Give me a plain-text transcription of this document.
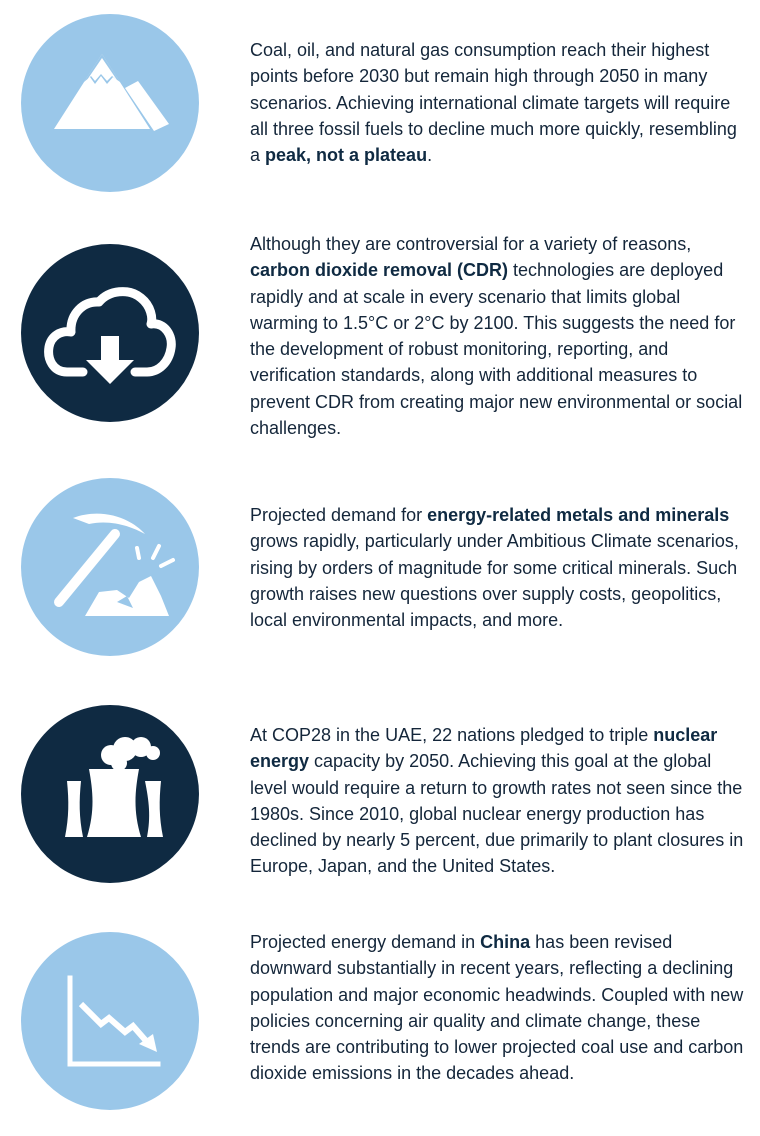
Coal, oil, and natural gas consumption reach their highest points before 2030 but remain high through 2050 in many scenarios. Achieving international climate targets will require all three fossil fuels to decline much more quickly, resembling a peak, not a plateau.

Although they are controversial for a variety of reasons, carbon dioxide removal (CDR) technologies are deployed rapidly and at scale in every scenario that limits global warming to 1.5°C or 2°C by 2100. This suggests the need for the development of robust monitoring, reporting, and verification standards, along with additional measures to prevent CDR from creating major new environmental or social challenges.

Projected demand for energy-related metals and minerals grows rapidly, particularly under Ambitious Climate scenarios, rising by orders of magnitude for some critical minerals. Such growth raises new questions over supply costs, geopolitics, local environmental impacts, and more.

At COP28 in the UAE, 22 nations pledged to triple nuclear energy capacity by 2050. Achieving this goal at the global level would require a return to growth rates not seen since the 1980s. Since 2010, global nuclear energy production has declined by nearly 5 percent, due primarily to plant closures in Europe, Japan, and the United States.

Projected energy demand in China has been revised downward substantially in recent years, reflecting a declining population and major economic headwinds. Coupled with new policies concerning air quality and climate change, these trends are contributing to lower projected coal use and carbon dioxide emissions in the decades ahead.
